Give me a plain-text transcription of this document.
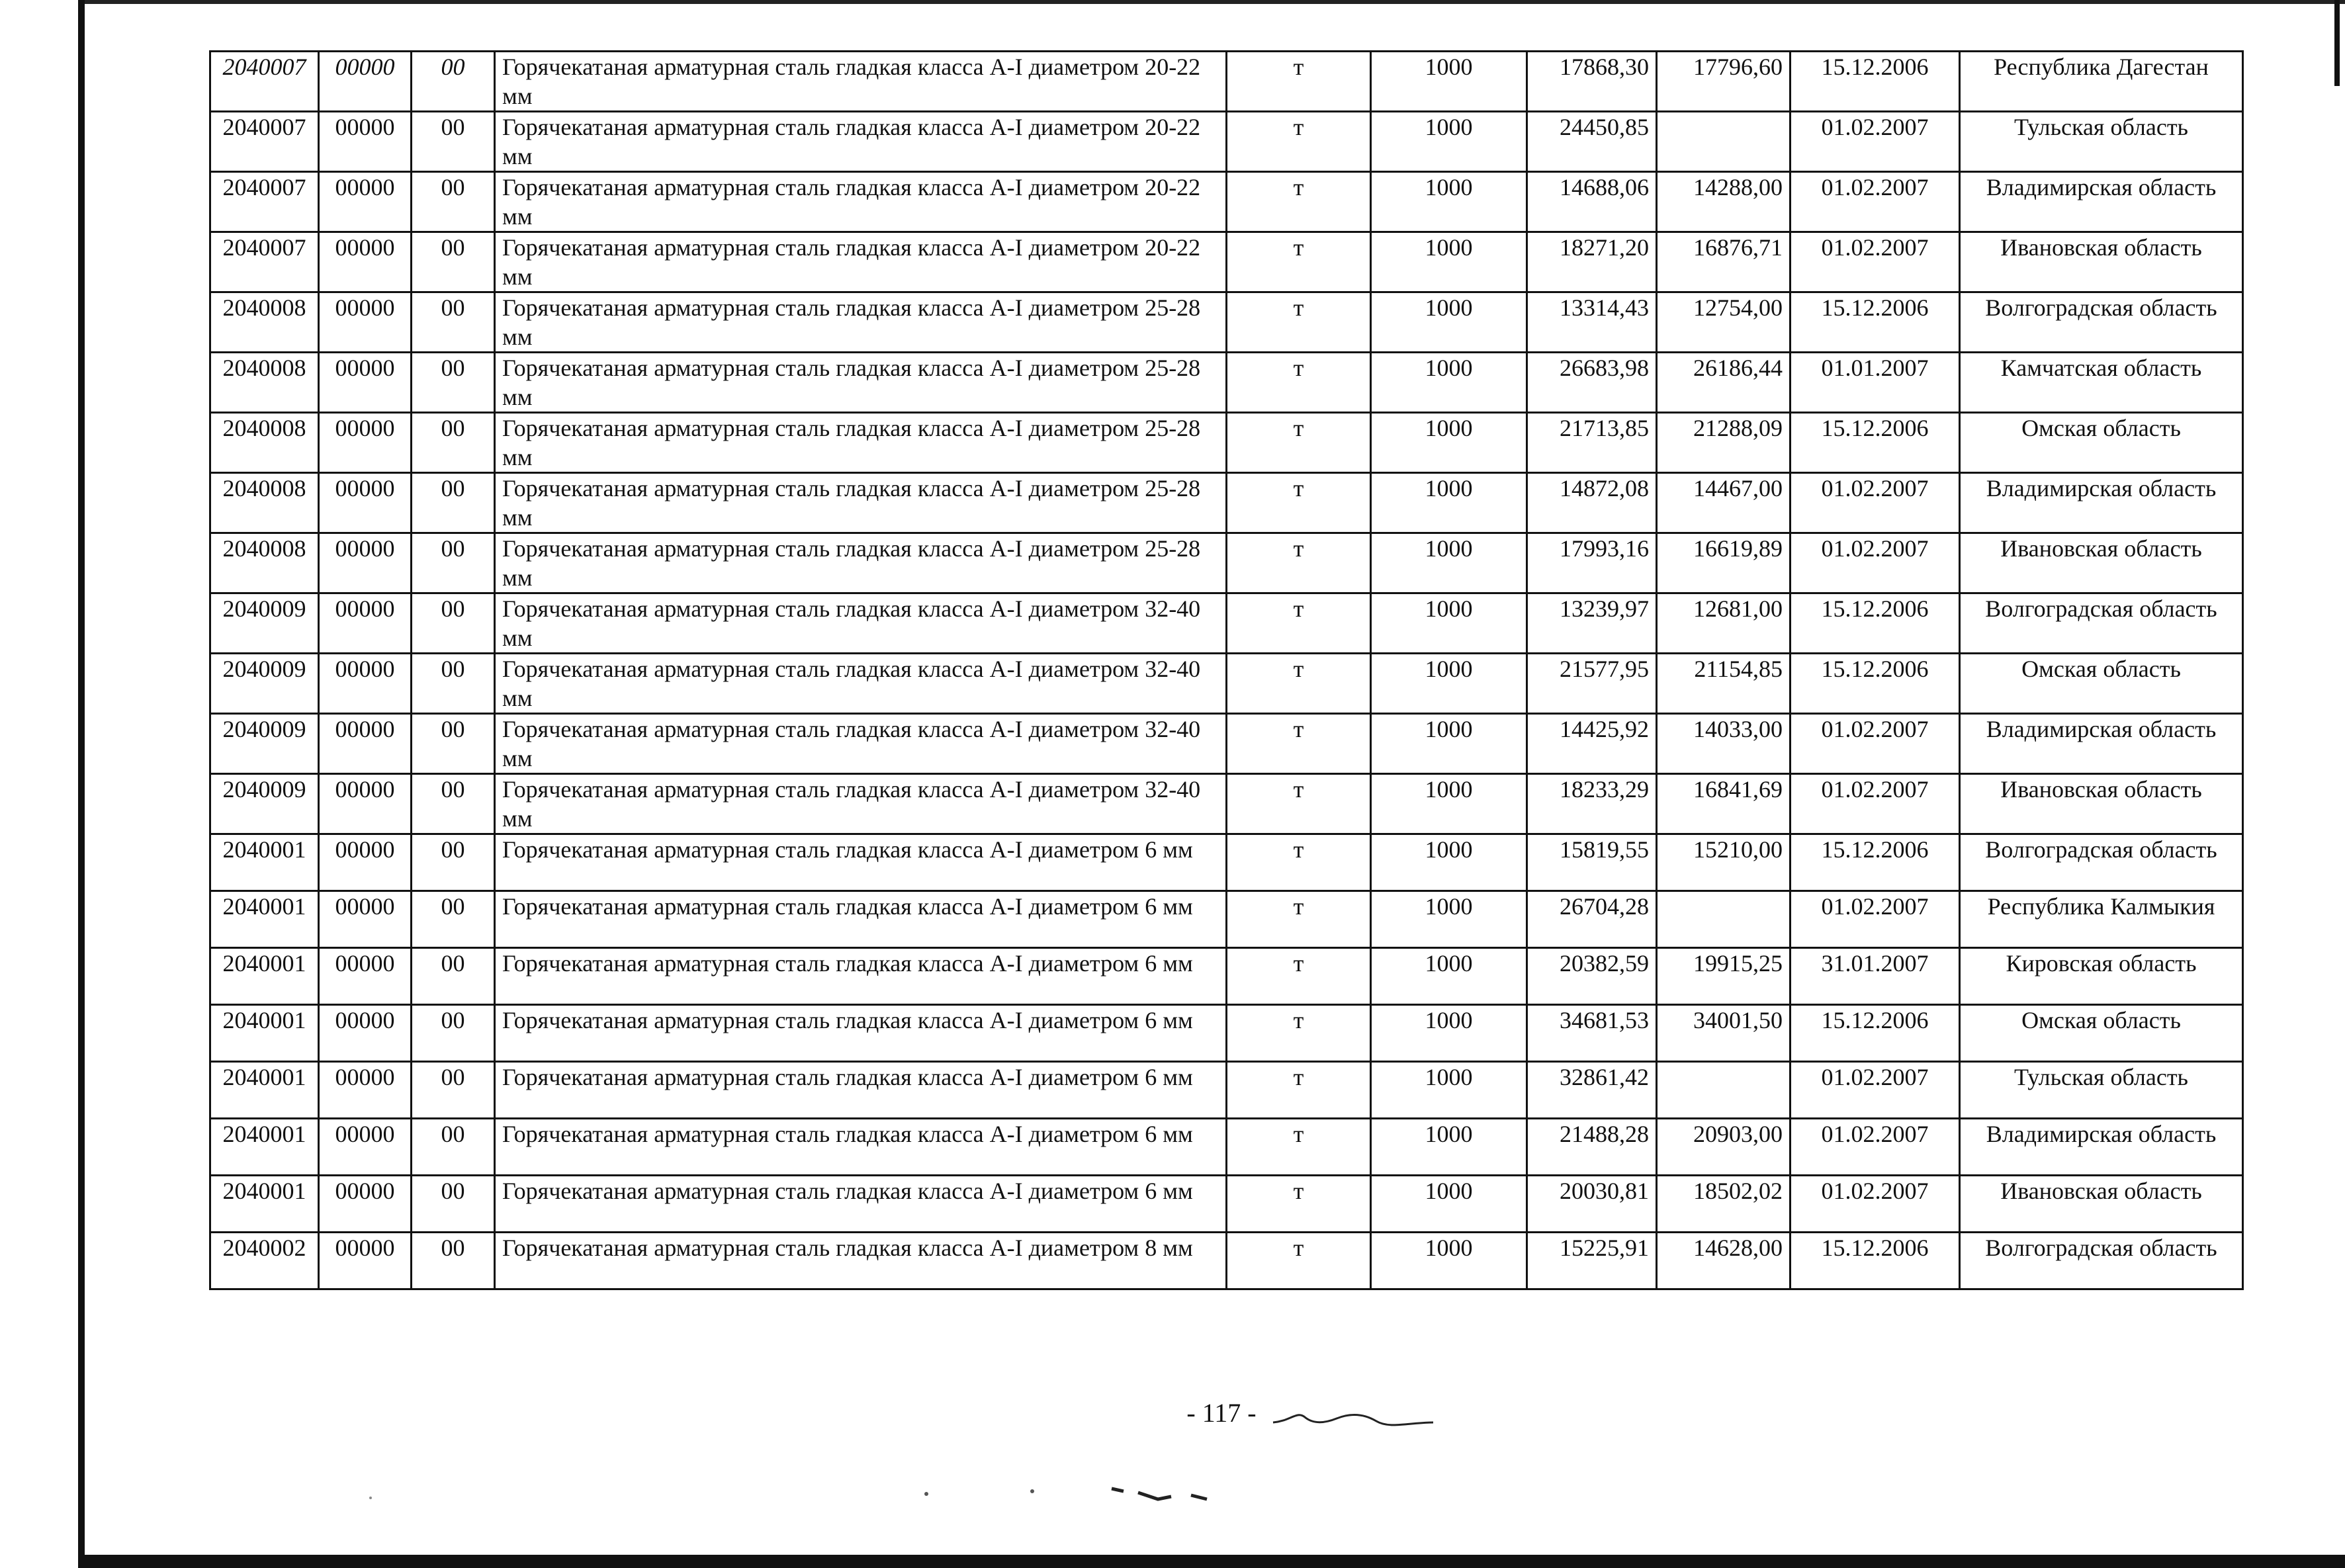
2040007	00000	00	Горячекатаная арматурная сталь гладкая класса А-I диаметром 20-22 мм	т	1000	17868,30	17796,60	15.12.2006	Республика Дагестан
2040007	00000	00	Горячекатаная арматурная сталь гладкая класса А-I диаметром 20-22 мм	т	1000	24450,85		01.02.2007	Тульская область
2040007	00000	00	Горячекатаная арматурная сталь гладкая класса А-I диаметром 20-22 мм	т	1000	14688,06	14288,00	01.02.2007	Владимирская область
2040007	00000	00	Горячекатаная арматурная сталь гладкая класса А-I диаметром 20-22 мм	т	1000	18271,20	16876,71	01.02.2007	Ивановская область
2040008	00000	00	Горячекатаная арматурная сталь гладкая класса А-I диаметром 25-28 мм	т	1000	13314,43	12754,00	15.12.2006	Волгоградская область
2040008	00000	00	Горячекатаная арматурная сталь гладкая класса А-I диаметром 25-28 мм	т	1000	26683,98	26186,44	01.01.2007	Камчатская область
2040008	00000	00	Горячекатаная арматурная сталь гладкая класса А-I диаметром 25-28 мм	т	1000	21713,85	21288,09	15.12.2006	Омская область
2040008	00000	00	Горячекатаная арматурная сталь гладкая класса А-I диаметром 25-28 мм	т	1000	14872,08	14467,00	01.02.2007	Владимирская область
2040008	00000	00	Горячекатаная арматурная сталь гладкая класса А-I диаметром 25-28 мм	т	1000	17993,16	16619,89	01.02.2007	Ивановская область
2040009	00000	00	Горячекатаная арматурная сталь гладкая класса А-I диаметром 32-40 мм	т	1000	13239,97	12681,00	15.12.2006	Волгоградская область
2040009	00000	00	Горячекатаная арматурная сталь гладкая класса А-I диаметром 32-40 мм	т	1000	21577,95	21154,85	15.12.2006	Омская область
2040009	00000	00	Горячекатаная арматурная сталь гладкая класса А-I диаметром 32-40 мм	т	1000	14425,92	14033,00	01.02.2007	Владимирская область
2040009	00000	00	Горячекатаная арматурная сталь гладкая класса А-I диаметром 32-40 мм	т	1000	18233,29	16841,69	01.02.2007	Ивановская область
2040001	00000	00	Горячекатаная арматурная сталь гладкая класса А-I диаметром 6 мм	т	1000	15819,55	15210,00	15.12.2006	Волгоградская область
2040001	00000	00	Горячекатаная арматурная сталь гладкая класса А-I диаметром 6 мм	т	1000	26704,28		01.02.2007	Республика Калмыкия
2040001	00000	00	Горячекатаная арматурная сталь гладкая класса А-I диаметром 6 мм	т	1000	20382,59	19915,25	31.01.2007	Кировская область
2040001	00000	00	Горячекатаная арматурная сталь гладкая класса А-I диаметром 6 мм	т	1000	34681,53	34001,50	15.12.2006	Омская область
2040001	00000	00	Горячекатаная арматурная сталь гладкая класса А-I диаметром 6 мм	т	1000	32861,42		01.02.2007	Тульская область
2040001	00000	00	Горячекатаная арматурная сталь гладкая класса А-I диаметром 6 мм	т	1000	21488,28	20903,00	01.02.2007	Владимирская область
2040001	00000	00	Горячекатаная арматурная сталь гладкая класса А-I диаметром 6 мм	т	1000	20030,81	18502,02	01.02.2007	Ивановская область
2040002	00000	00	Горячекатаная арматурная сталь гладкая класса А-I диаметром 8 мм	т	1000	15225,91	14628,00	15.12.2006	Волгоградская область
- 117 -
